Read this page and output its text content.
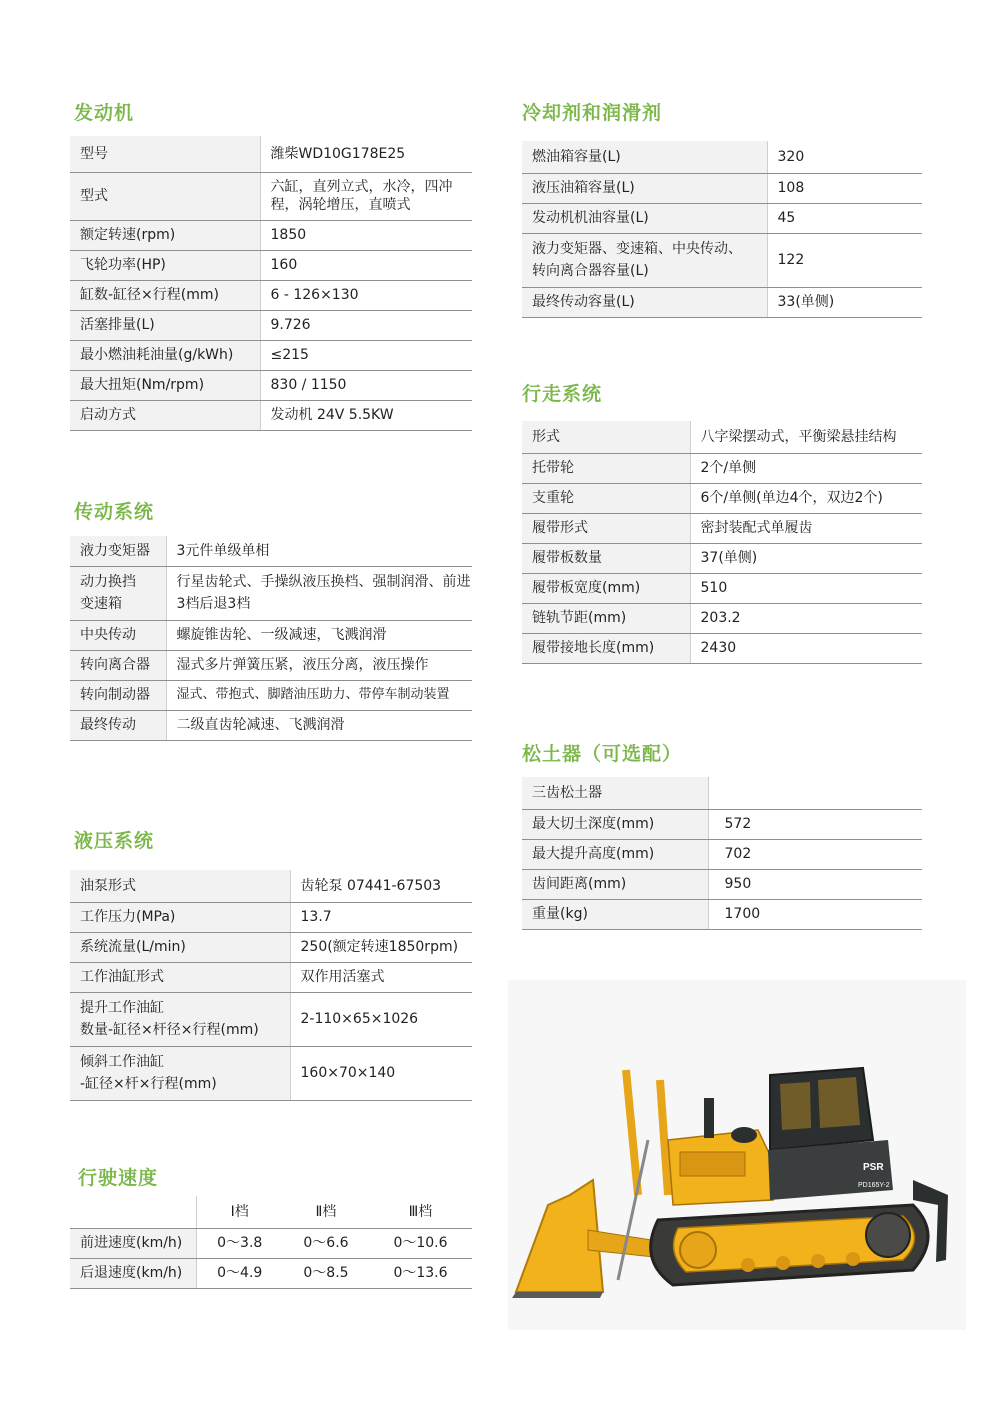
发动机
型号	潍柴WD10G178E25
型式	六缸，直列立式，水冷，四冲程，涡轮增压，直喷式
额定转速(rpm)	1850
飞轮功率(HP)	160
缸数-缸径×行程(mm)	6 - 126×130
活塞排量(L)	9.726
最小燃油耗油量(g/kWh)	≤215
最大扭矩(Nm/rpm)	830 / 1150
启动方式	发动机 24V 5.5KW
传动系统
液力变矩器	3元件单级单相
动力换挡
变速箱	行星齿轮式、手操纵液压换档、强制润滑、前进3档后退3档
中央传动	螺旋锥齿轮、一级减速，飞溅润滑
转向离合器	湿式多片弹簧压紧，液压分离，液压操作
转向制动器	湿式、带抱式、脚踏油压助力、带停车制动装置
最终传动	二级直齿轮减速、飞溅润滑
液压系统
油泵形式	齿轮泵 07441-67503
工作压力(MPa)	13.7
系统流量(L/min)	250(额定转速1850rpm)
工作油缸形式	双作用活塞式
提升工作油缸
数量-缸径×杆径×行程(mm)	2-110×65×1026
倾斜工作油缸
-缸径×杆×行程(mm)	160×70×140
行驶速度
	Ⅰ档	Ⅱ档	Ⅲ档
前进速度(km/h)	0～3.8	0～6.6	0～10.6
后退速度(km/h)	0～4.9	0～8.5	0～13.6
冷却剂和润滑剂
燃油箱容量(L)	320
液压油箱容量(L)	108
发动机机油容量(L)	45
液力变矩器、变速箱、中央传动、
转向离合器容量(L)	122
最终传动容量(L)	33(单侧)
行走系统
形式	八字梁摆动式，平衡梁悬挂结构
托带轮	2个/单侧
支重轮	6个/单侧(单边4个，双边2个)
履带形式	密封装配式单履齿
履带板数量	37(单侧)
履带板宽度(mm)	510
链轨节距(mm)	203.2
履带接地长度(mm)	2430
松土器（可选配）
三齿松土器	
最大切土深度(mm)	572
最大提升高度(mm)	702
齿间距离(mm)	950
重量(kg)	1700
PSR
PD165Y-2
